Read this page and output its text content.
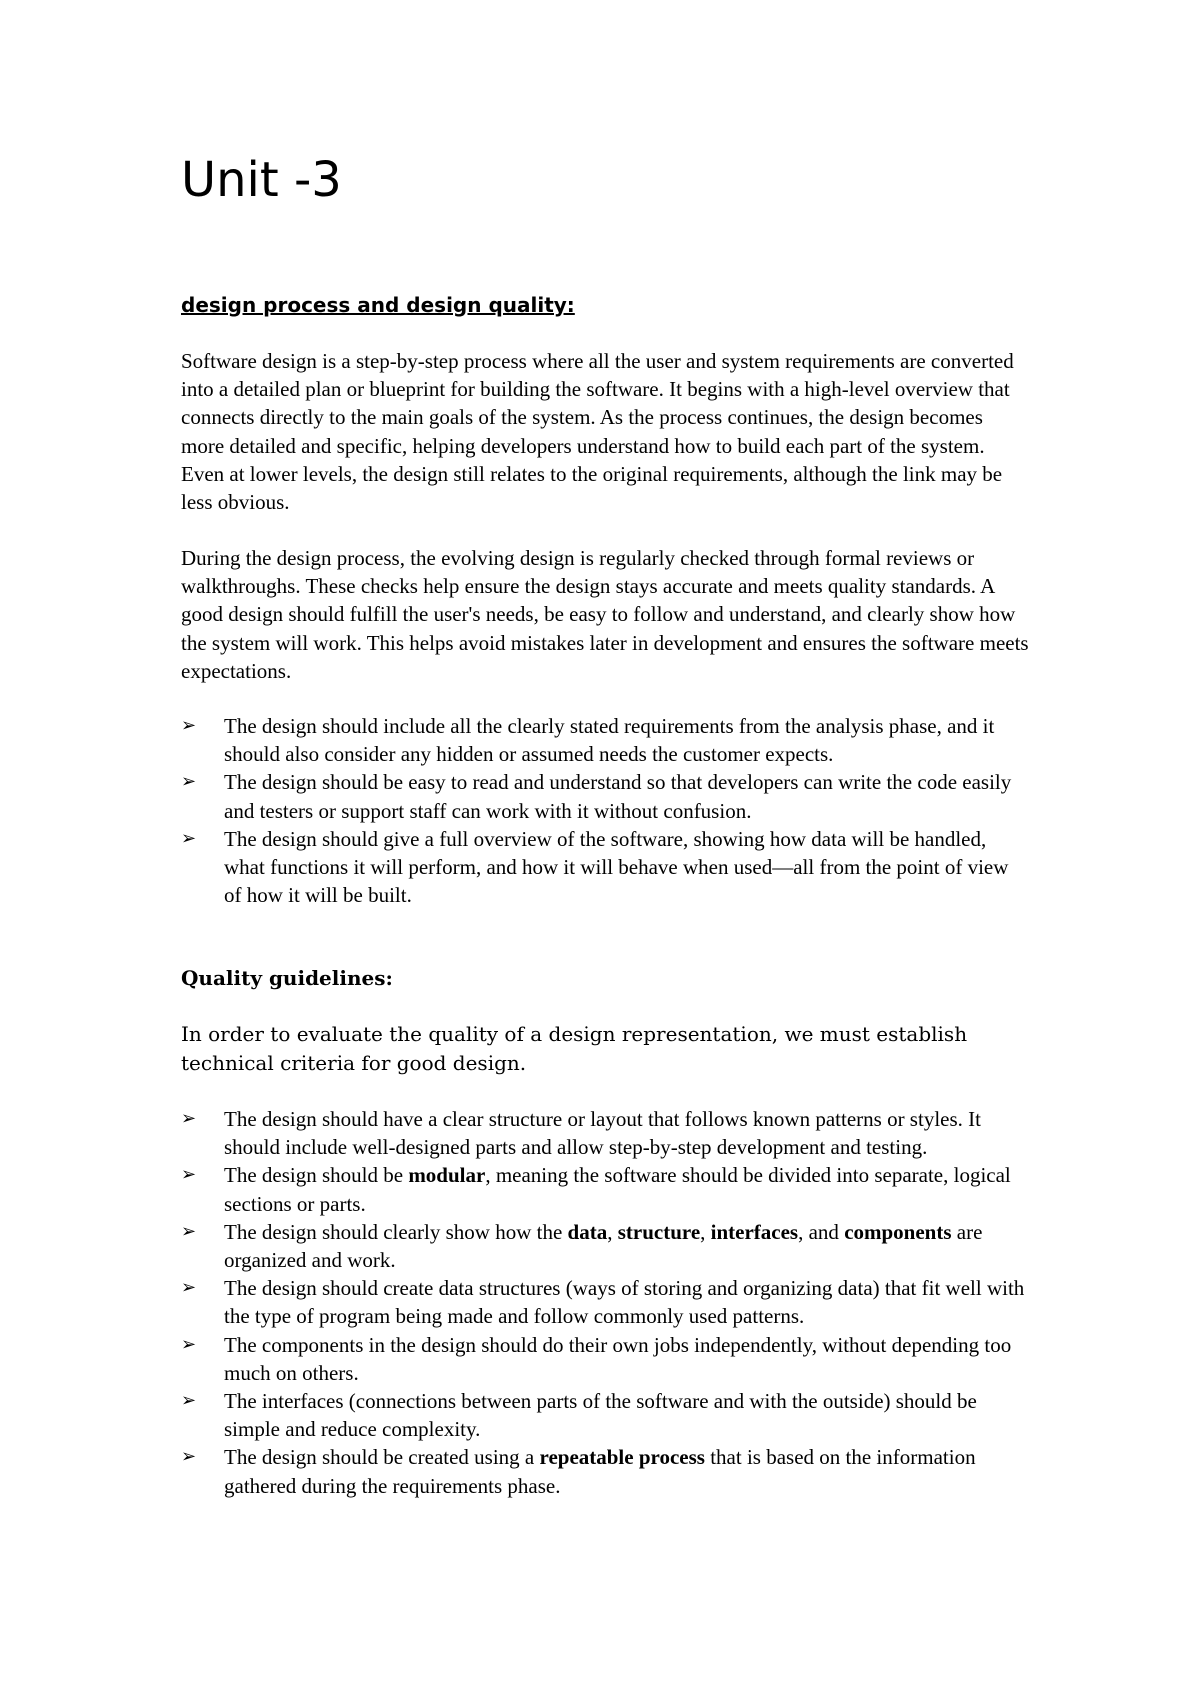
Unit -3
design process and design quality:

Software design is a step-by-step process where all the user and system requirements are converted into a detailed plan or blueprint for building the software. It begins with a high-level overview that connects directly to the main goals of the system. As the process continues, the design becomes more detailed and specific, helping developers understand how to build each part of the system. Even at lower levels, the design still relates to the original requirements, although the link may be less obvious.

During the design process, the evolving design is regularly checked through formal reviews or walkthroughs. These checks help ensure the design stays accurate and meets quality standards. A good design should fulfill the user's needs, be easy to follow and understand, and clearly show how the system will work. This helps avoid mistakes later in development and ensures the software meets expectations.

➢ The design should include all the clearly stated requirements from the analysis phase, and it should also consider any hidden or assumed needs the customer expects.
➢ The design should be easy to read and understand so that developers can write the code easily and testers or support staff can work with it without confusion.
➢ The design should give a full overview of the software, showing how data will be handled, what functions it will perform, and how it will behave when used—all from the point of view of how it will be built.
Quality guidelines:

In order to evaluate the quality of a design representation, we must establish technical criteria for good design.

➢ The design should have a clear structure or layout that follows known patterns or styles. It should include well-designed parts and allow step-by-step development and testing.
➢ The design should be modular, meaning the software should be divided into separate, logical sections or parts.
➢ The design should clearly show how the data, structure, interfaces, and components are organized and work.
➢ The design should create data structures (ways of storing and organizing data) that fit well with the type of program being made and follow commonly used patterns.
➢ The components in the design should do their own jobs independently, without depending too much on others.
➢ The interfaces (connections between parts of the software and with the outside) should be simple and reduce complexity.
➢ The design should be created using a repeatable process that is based on the information gathered during the requirements phase.
